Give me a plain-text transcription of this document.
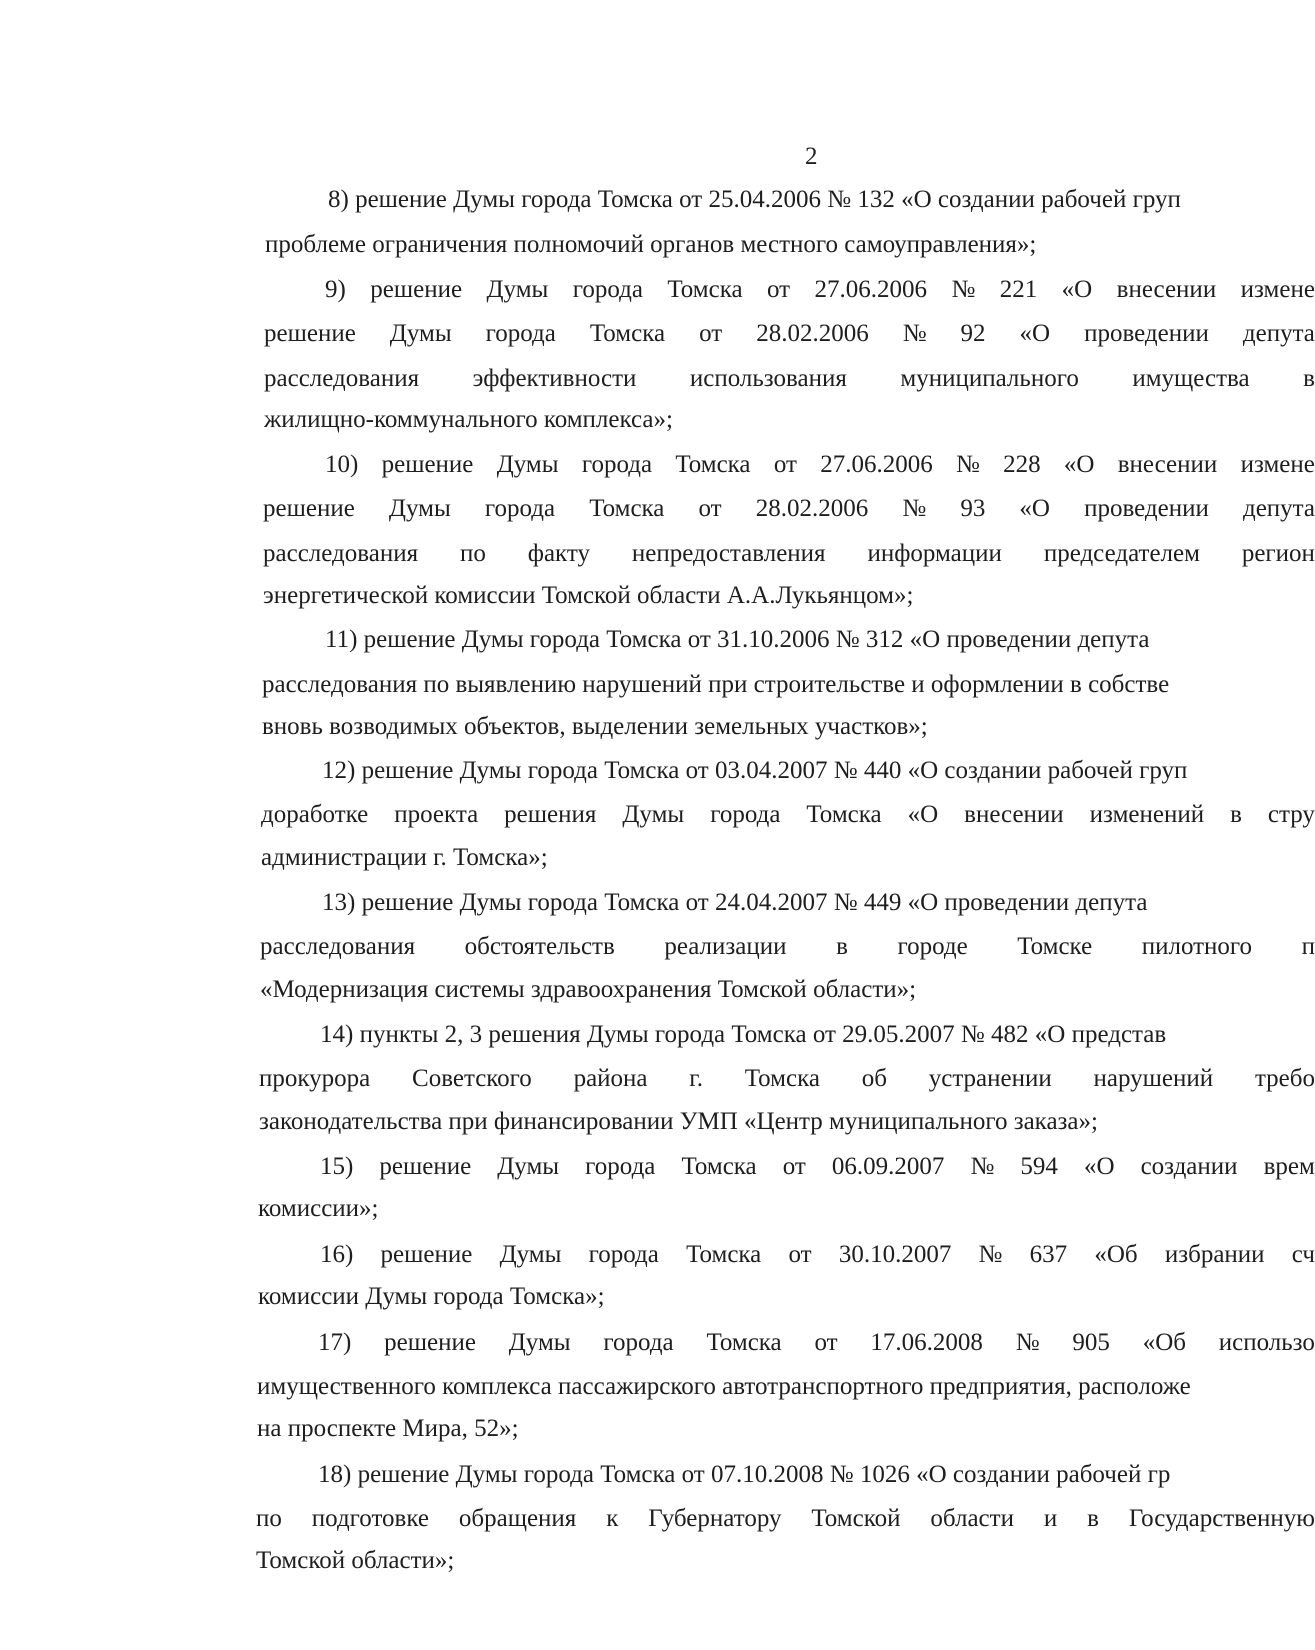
2
8) решение Думы города Томска от 25.04.2006 № 132 «О создании рабочей груп
проблеме ограничения полномочий органов местного самоуправления»;
9) решение Думы города Томска от 27.06.2006 № 221 «О внесении измене
решение Думы города Томска от 28.02.2006 № 92 «О проведении депута
расследования эффективности использования муниципального имущества в
жилищно-коммунального комплекса»;
10) решение Думы города Томска от 27.06.2006 № 228 «О внесении измене
решение Думы города Томска от 28.02.2006 № 93 «О проведении депута
расследования по факту непредоставления информации председателем регион
энергетической комиссии Томской области А.А.Лукьянцом»;
11) решение Думы города Томска от 31.10.2006 № 312 «О проведении депута
расследования по выявлению нарушений при строительстве и оформлении в собстве
вновь возводимых объектов, выделении земельных участков»;
12) решение Думы города Томска от 03.04.2007 № 440 «О создании рабочей груп
доработке проекта решения Думы города Томска «О внесении изменений в стру
администрации г. Томска»;
13) решение Думы города Томска от 24.04.2007 № 449 «О проведении депута
расследования обстоятельств реализации в городе Томске пилотного п
«Модернизация системы здравоохранения Томской области»;
14) пункты 2, 3 решения Думы города Томска от 29.05.2007 № 482 «О представ
прокурора Советского района г. Томска об устранении нарушений требо
законодательства при финансировании УМП «Центр муниципального заказа»;
15) решение Думы города Томска от 06.09.2007 № 594 «О создании врем
комиссии»;
16) решение Думы города Томска от 30.10.2007 № 637 «Об избрании сч
комиссии Думы города Томска»;
17) решение Думы города Томска от 17.06.2008 № 905 «Об использо
имущественного комплекса пассажирского автотранспортного предприятия, расположе
на проспекте Мира, 52»;
18) решение Думы города Томска от 07.10.2008 № 1026 «О создании рабочей гр
по подготовке обращения к Губернатору Томской области и в Государственную
Томской области»;
